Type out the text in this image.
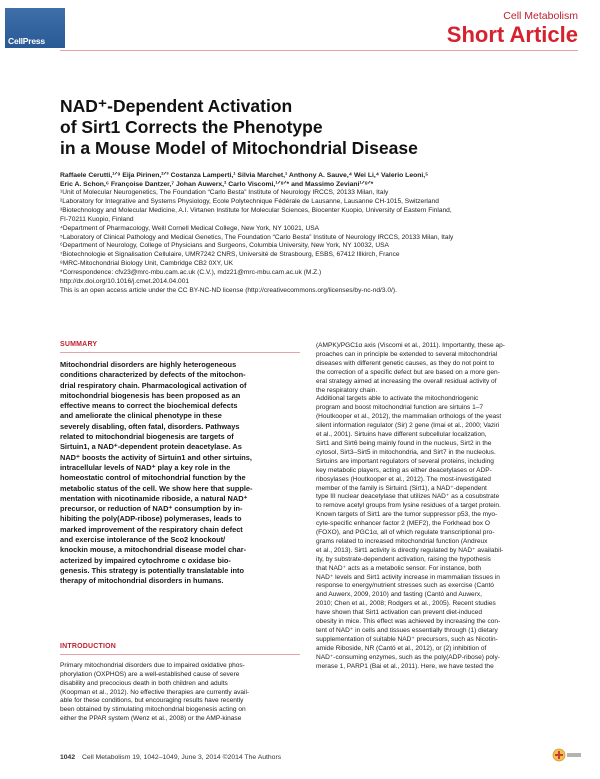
CellPress
Cell Metabolism
Short Article
NAD⁺-Dependent Activation
of Sirt1 Corrects the Phenotype
in a Mouse Model of Mitochondrial Disease
Raffaele Cerutti,¹ᐟ⁹ Eija Pirinen,²ᐟ³ Costanza Lamperti,¹ Silvia Marchet,¹ Anthony A. Sauve,⁴ Wei Li,⁴ Valerio Leoni,⁵
Eric A. Schon,⁶ Françoise Dantzer,⁷ Johan Auwerx,² Carlo Viscomi,¹ᐟ⁸ᐟ* and Massimo Zeviani¹ᐟ⁸ᐟ*
¹Unit of Molecular Neurogenetics, The Foundation “Carlo Besta” Institute of Neurology IRCCS, 20133 Milan, Italy
²Laboratory for Integrative and Systems Physiology, Ecole Polytechnique Fédérale de Lausanne, Lausanne CH-1015, Switzerland
³Biotechnology and Molecular Medicine, A.I. Virtanen Institute for Molecular Sciences, Biocenter Kuopio, University of Eastern Finland,
FI-70211 Kuopio, Finland
⁴Department of Pharmacology, Weill Cornell Medical College, New York, NY 10021, USA
⁵Laboratory of Clinical Pathology and Medical Genetics, The Foundation “Carlo Besta” Institute of Neurology IRCCS, 20133 Milan, Italy
⁶Department of Neurology, College of Physicians and Surgeons, Columbia University, New York, NY 10032, USA
⁷Biotechnologie et Signalisation Cellulaire, UMR7242 CNRS, Université de Strasbourg, ESBS, 67412 Illkirch, France
⁸MRC-Mitochondrial Biology Unit, Cambridge CB2 0XY, UK
*Correspondence: cfv23@mrc-mbu.cam.ac.uk (C.V.), mdz21@mrc-mbu.cam.ac.uk (M.Z.)
http://dx.doi.org/10.1016/j.cmet.2014.04.001
This is an open access article under the CC BY-NC-ND license (http://creativecommons.org/licenses/by-nc-nd/3.0/).
SUMMARY
Mitochondrial disorders are highly heterogeneous
conditions characterized by defects of the mitochon-
drial respiratory chain. Pharmacological activation of
mitochondrial biogenesis has been proposed as an
effective means to correct the biochemical defects
and ameliorate the clinical phenotype in these
severely disabling, often fatal, disorders. Pathways
related to mitochondrial biogenesis are targets of
Sirtuin1, a NAD⁺-dependent protein deacetylase. As
NAD⁺ boosts the activity of Sirtuin1 and other sirtuins,
intracellular levels of NAD⁺ play a key role in the
homeostatic control of mitochondrial function by the
metabolic status of the cell. We show here that supple-
mentation with nicotinamide riboside, a natural NAD⁺
precursor, or reduction of NAD⁺ consumption by in-
hibiting the poly(ADP-ribose) polymerases, leads to
marked improvement of the respiratory chain defect
and exercise intolerance of the Sco2 knockout/
knockin mouse, a mitochondrial disease model char-
acterized by impaired cytochrome c oxidase bio-
genesis. This strategy is potentially translatable into
therapy of mitochondrial disorders in humans.
INTRODUCTION
Primary mitochondrial disorders due to impaired oxidative phos-
phorylation (OXPHOS) are a well-established cause of severe
disability and precocious death in both children and adults
(Koopman et al., 2012). No effective therapies are currently avail-
able for these conditions, but encouraging results have recently
been obtained by stimulating mitochondrial biogenesis acting on
either the PPAR system (Wenz et al., 2008) or the AMP-kinase
(AMPK)/PGC1α axis (Viscomi et al., 2011). Importantly, these ap-
proaches can in principle be extended to several mitochondrial
diseases with different genetic causes, as they do not point to
the correction of a specific defect but are based on a more gen-
eral strategy aimed at increasing the overall residual activity of
the respiratory chain.
Additional targets able to activate the mitochondriogenic
program and boost mitochondrial function are sirtuins 1–7
(Houtkooper et al., 2012), the mammalian orthologs of the yeast
silent information regulator (Sir) 2 gene (Imai et al., 2000; Vaziri
et al., 2001). Sirtuins have different subcellular localization,
Sirt1 and Sirt6 being mainly found in the nucleus, Sirt2 in the
cytosol, Sirt3–Sirt5 in mitochondria, and Sirt7 in the nucleolus.
Sirtuins are important regulators of several proteins, including
key metabolic players, acting as either deacetylases or ADP-
ribosylases (Houtkooper et al., 2012). The most-investigated
member of the family is Sirtuin1 (Sirt1), a NAD⁺-dependent
type III nuclear deacetylase that utilizes NAD⁺ as a cosubstrate
to remove acetyl groups from lysine residues of a target protein.
Known targets of Sirt1 are the tumor suppressor p53, the myo-
cyte-specific enhancer factor 2 (MEF2), the Forkhead box O
(FOXO), and PGC1α, all of which regulate transcriptional pro-
grams related to increased mitochondrial function (Andreux
et al., 2013). Sirt1 activity is directly regulated by NAD⁺ availabil-
ity, by substrate-dependent activation, raising the hypothesis
that NAD⁺ acts as a metabolic sensor. For instance, both
NAD⁺ levels and Sirt1 activity increase in mammalian tissues in
response to energy/nutrient stresses such as exercise (Cantó
and Auwerx, 2009, 2010) and fasting (Cantó and Auwerx,
2010; Chen et al., 2008; Rodgers et al., 2005). Recent studies
have shown that Sirt1 activation can prevent diet-induced
obesity in mice. This effect was achieved by increasing the con-
tent of NAD⁺ in cells and tissues essentially through (1) dietary
supplementation of suitable NAD⁺ precursors, such as Nicotin-
amide Riboside, NR (Cantó et al., 2012), or (2) inhibition of
NAD⁺-consuming enzymes, such as the poly(ADP-ribose) poly-
merase 1, PARP1 (Bai et al., 2011). Here, we have tested the
1042 Cell Metabolism 19, 1042–1049, June 3, 2014 ©2014 The Authors
